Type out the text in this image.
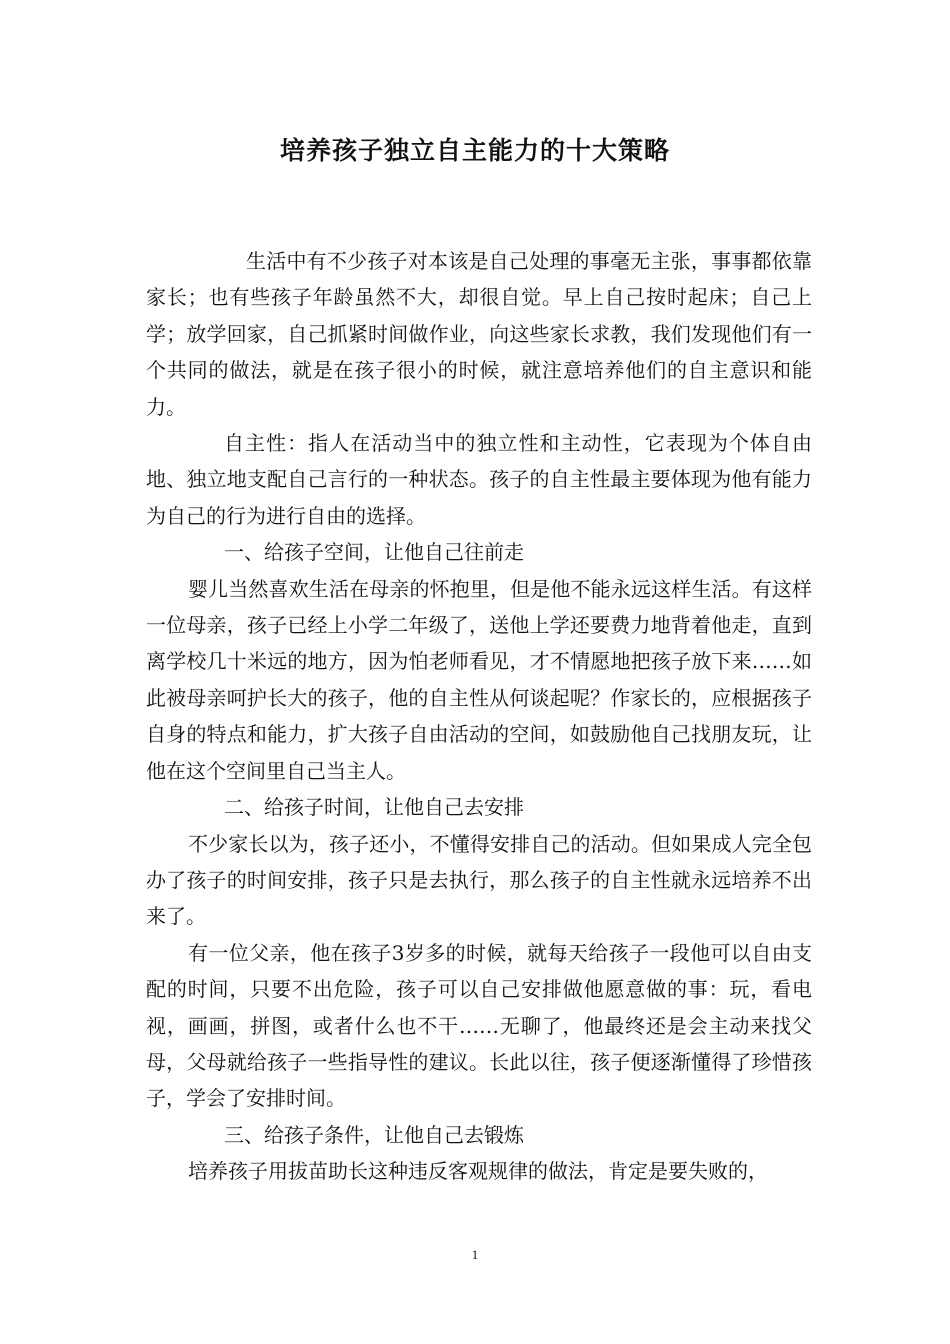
培养孩子独立自主能力的十大策略

生活中有不少孩子对本该是自己处理的事毫无主张，事事都依靠家长；也有些孩子年龄虽然不大，却很自觉。早上自己按时起床；自己上学；放学回家，自己抓紧时间做作业，向这些家长求教，我们发现他们有一个共同的做法，就是在孩子很小的时候，就注意培养他们的自主意识和能力。

自主性：指人在活动当中的独立性和主动性，它表现为个体自由地、独立地支配自己言行的一种状态。孩子的自主性最主要体现为他有能力为自己的行为进行自由的选择。

一、给孩子空间，让他自己往前走

婴儿当然喜欢生活在母亲的怀抱里，但是他不能永远这样生活。有这样一位母亲，孩子已经上小学二年级了，送他上学还要费力地背着他走，直到离学校几十米远的地方，因为怕老师看见，才不情愿地把孩子放下来……如此被母亲呵护长大的孩子，他的自主性从何谈起呢？作家长的，应根据孩子自身的特点和能力，扩大孩子自由活动的空间，如鼓励他自己找朋友玩，让他在这个空间里自己当主人。

二、给孩子时间，让他自己去安排

不少家长以为，孩子还小，不懂得安排自己的活动。但如果成人完全包办了孩子的时间安排，孩子只是去执行，那么孩子的自主性就永远培养不出来了。

有一位父亲，他在孩子3岁多的时候，就每天给孩子一段他可以自由支配的时间，只要不出危险，孩子可以自己安排做他愿意做的事：玩，看电视，画画，拼图，或者什么也不干……无聊了，他最终还是会主动来找父母，父母就给孩子一些指导性的建议。长此以往，孩子便逐渐懂得了珍惜孩子，学会了安排时间。

三、给孩子条件，让他自己去锻炼

培养孩子用拔苗助长这种违反客观规律的做法，肯定是要失败的，

1
